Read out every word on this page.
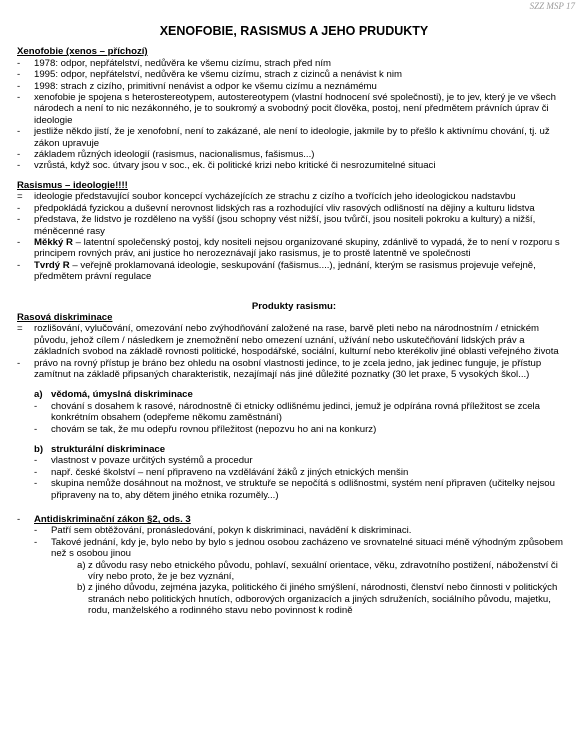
SZZ MSP 17
XENOFOBIE, RASISMUS A JEHO PRUDUKTY

Xenofobie (xenos – příchozí)

- 1978: odpor, nepřátelství, nedůvěra ke všemu cizímu, strach před ním
- 1995: odpor, nepřátelství, nedůvěra ke všemu cizímu, strach z cizinců a nenávist k nim
- 1998: strach z cizího, primitivní nenávist a odpor ke všemu cizímu a neznámému
- xenofobie je spojena s heterostereotypem, autostereotypem (vlastní hodnocení své společnosti), je to jev, který je ve všech národech a není to nic nezákonného, je to soukromý a svobodný pocit člověka, postoj, není předmětem právních úprav či ideologie
- jestliže někdo jistí, že je xenofobní, není to zakázané, ale není to ideologie, jakmile by to přešlo k aktivnímu chování, tj. už zákon upravuje
- základem různých ideologií (rasismus, nacionalismus, fašismus...)
- vzrůstá, když soc. útvary jsou v soc., ek. či politické krizi nebo kritické či nesrozumitelné situaci

Rasismus – ideologie!!!!

= ideologie představující soubor koncepcí vycházejících ze strachu z cizího a tvořících jeho ideologickou nadstavbu
- předpokládá fyzickou a duševní nerovnost lidských ras a rozhodující vliv rasových odlišností na dějiny a kulturu lidstva
- představa, že lidstvo je rozděleno na vyšší (jsou schopny vést nižší, jsou tvůrčí, jsou nositeli pokroku a kultury) a nižší, méněcenné rasy
- Měkký R – latentní společenský postoj, kdy nositeli nejsou organizované skupiny, zdánlivě to vypadá, že to není v rozporu s principem rovných práv, ani justice ho nerozeznávají jako rasismus, je to prostě latentně ve společnosti
- Tvrdý R – veřejně proklamovaná ideologie, seskupování (fašismus....), jednání, kterým se rasismus projevuje veřejně, předmětem právní regulace

Produkty rasismu:

Rasová diskriminace

= rozlišování, vylučování, omezování nebo zvýhodňování založené na rase, barvě pleti nebo na národnostním / etnickém původu, jehož cílem / následkem je znemožnění nebo omezení uznání, užívání nebo uskutečňování lidských práv a základních svobod na základě rovnosti politické, hospodářské, sociální, kulturní nebo kterékoliv jiné oblasti veřejného života
- právo na rovný přístup je bráno bez ohledu na osobní vlastnosti jedince, to je zcela jedno, jak jedinec funguje, je přístup zamítnut na základě připsaných charakteristik, nezajímají nás jiné důležité poznatky (30 let praxe, 5 vysokých škol...)

a) vědomá, úmyslná diskriminace

- chování s dosahem k rasové, národnostně či etnicky odlišnému jedinci, jemuž je odpírána rovná příležitost se zcela konkrétním obsahem (odepřeme někomu zaměstnání)
- chovám se tak, že mu odepřu rovnou příležitost (nepozvu ho ani na konkurz)

b) strukturální diskriminace

- vlastnost v povaze určitých systémů a procedur
- např. české školství – není připraveno na vzdělávání žáků z jiných etnických menšin
- skupina nemůže dosáhnout na možnost, ve struktuře se nepočítá s odlišnostmi, systém není připraven (učitelky nejsou připraveny na to, aby dětem jiného etnika rozuměly...)
- Antidiskriminační zákon §2, ods. 3
- Patří sem obtěžování, pronásledování, pokyn k diskriminaci, navádění k diskriminaci.
- Takové jednání, kdy je, bylo nebo by bylo s jednou osobou zacházeno ve srovnatelné situaci méně výhodným způsobem než s osobou jinou
a) z důvodu rasy nebo etnického původu, pohlaví, sexuální orientace, věku, zdravotního postižení, náboženství či víry nebo proto, že je bez vyznání,
b) z jiného důvodu, zejména jazyka, politického či jiného smýšlení, národnosti, členství nebo činnosti v politických stranách nebo politických hnutích, odborových organizacích a jiných sdruženích, sociálního původu, majetku, rodu, manželského a rodinného stavu nebo povinnost k rodině
